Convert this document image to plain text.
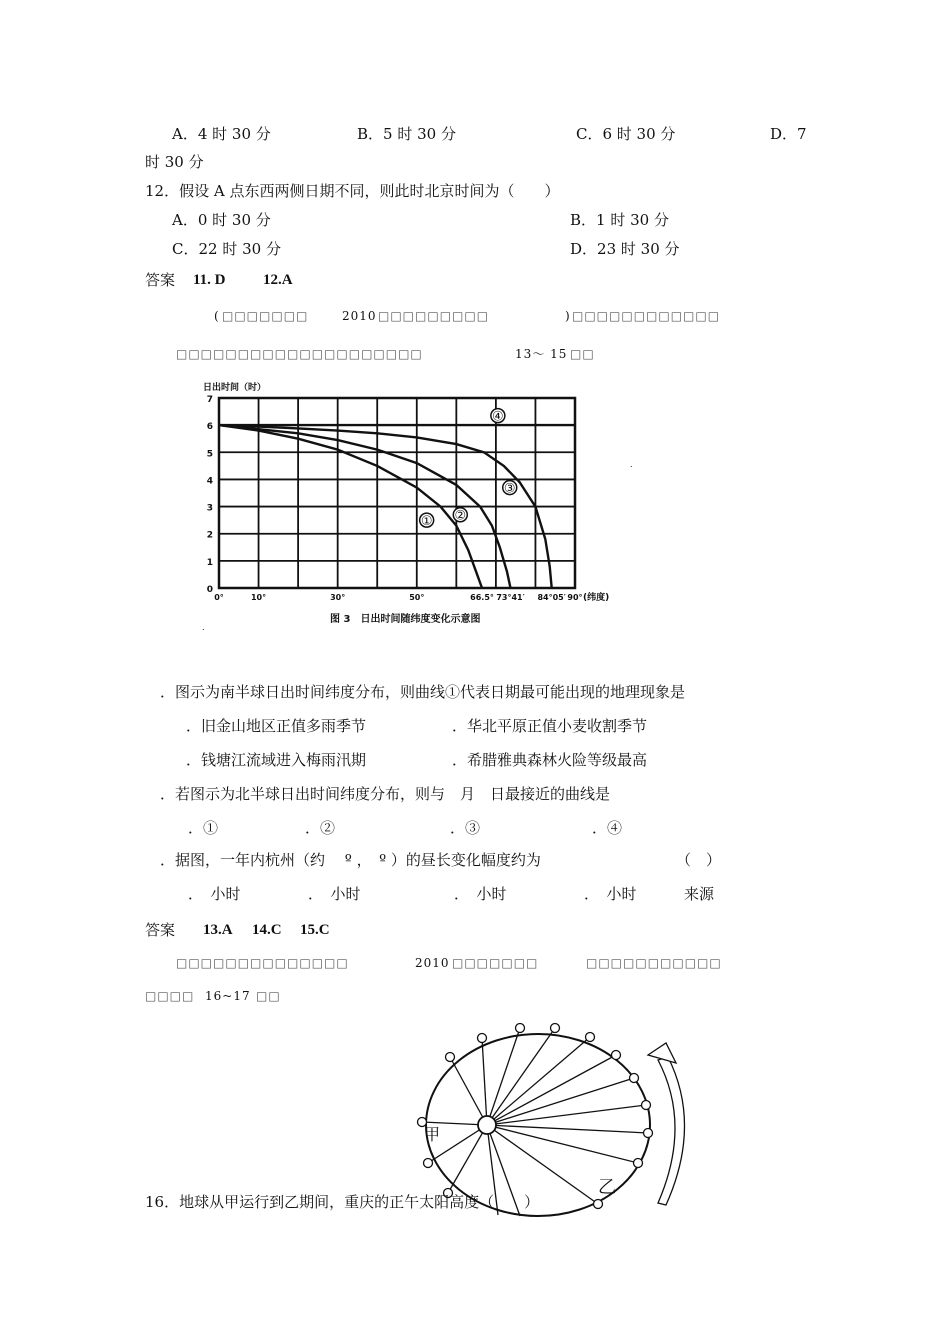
A．4 时 30 分	B．5 时 30 分	C．6 时 30 分	D．7
时 30 分
12．假设 A 点东西两侧日期不同，则此时北京时间为（　　）
A．0 时 30 分	B．1 时 30 分
C．22 时 30 分	D．23 时 30 分
答案 11. D 12.A
( □□□□□□□	2010 □□□□□□□□□	) □□□□□□□□□□□□
□□□□□□□□□□□□□□□□□□□□	13～ 15 □□
0
1
2
3
4
5
6
7
0°	10°	30°	50°	66.5° 73°41′ 84°05′ 90°
日出时间（时）
(纬度)
图 3　日出时间随纬度变化示意图
① ②
③
④
．图示为南半球日出时间纬度分布，则曲线①代表日期最可能出现的地理现象是
．旧金山地区正值多雨季节	．华北平原正值小麦收割季节
．钱塘江流域进入梅雨汛期	．希腊雅典森林火险等级最高
．若图示为北半球日出时间纬度分布，则与　月　日最接近的曲线是
．①	．②	．③	．④
．据图，一年内杭州（约　 º ，　º ）的昼长变化幅度约为	（　）
．　小时	．　小时	．　小时	．　小时	来源
答案 13.A 14.C 15.C
□□□□□□□□□□□□□□	2010 □□□□□□□	□□□□□□□□□□□
□□□□ 16~17 □□
甲
乙
16．地球从甲运行到乙期间，重庆的正午太阳高度（　　）
.
.
